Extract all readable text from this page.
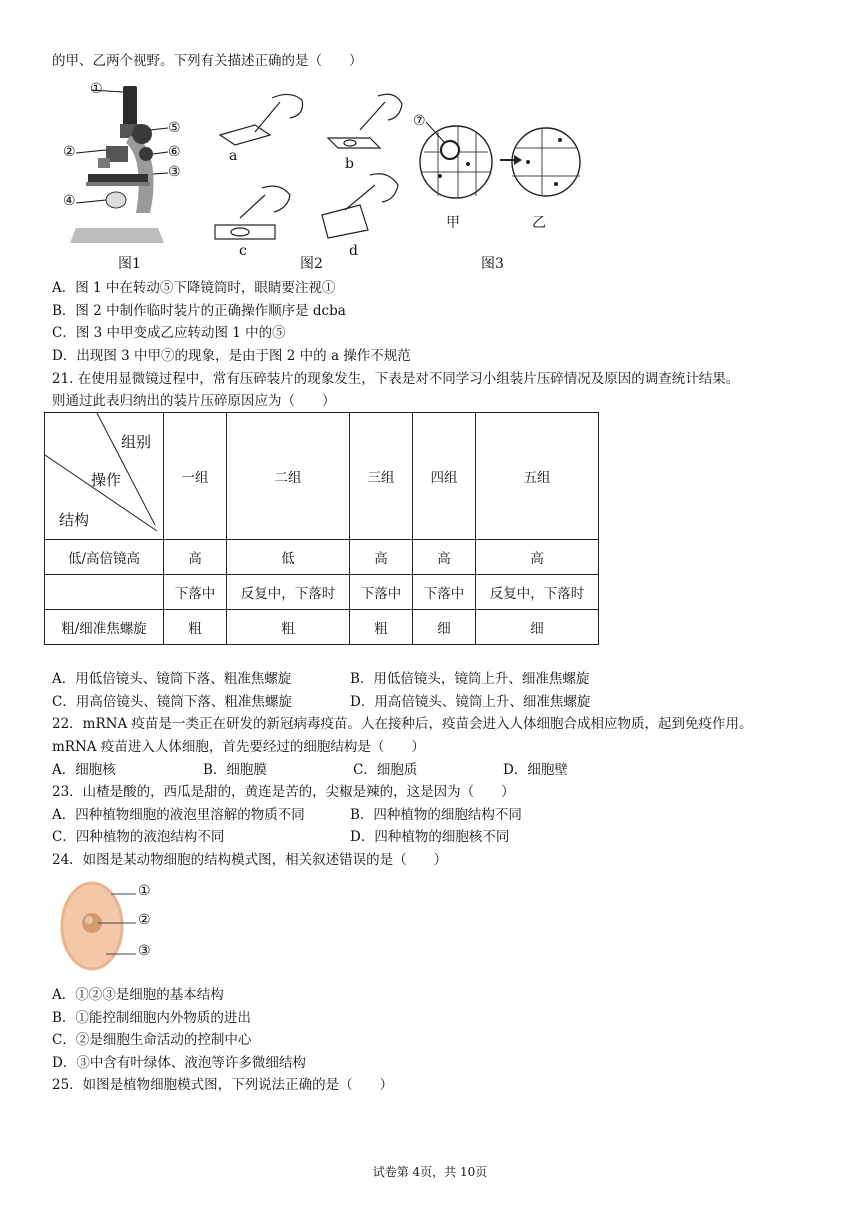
的甲、乙两个视野。下列有关描述正确的是（　　）
①
②
③
④
⑤
⑥
图1
a	b
c	d
图2
⑦
甲	乙
图3
A．图 1 中在转动⑤下降镜筒时，眼睛要注视①
B．图 2 中制作临时装片的正确操作顺序是 dcba
C．图 3 中甲变成乙应转动图 1 中的⑤
D．出现图 3 中甲⑦的现象，是由于图 2 中的 a 操作不规范
21. 在使用显微镜过程中，常有压碎装片的现象发生，下表是对不同学习小组装片压碎情况及原因的调查统计结果。
则通过此表归纳出的装片压碎原因应为（　　）
组别
操作
结构	一组	二组	三组	四组	五组
低/高倍镜高	高	低	高	高	高
	下落中	反复中，下落时	下落中	下落中	反复中，下落时
粗/细准焦螺旋	粗	粗	粗	细	细
A．用低倍镜头、镜筒下落、粗准焦螺旋	B．用低倍镜头，镜筒上升、细准焦螺旋
C．用高倍镜头、镜筒下落、粗准焦螺旋	D．用高倍镜头、镜筒上升、细准焦螺旋
22．mRNA 疫苗是一类正在研发的新冠病毒疫苗。人在接种后，疫苗会进入人体细胞合成相应物质，起到免疫作用。
mRNA 疫苗进入人体细胞，首先要经过的细胞结构是（　　）
A．细胞核	B．细胞膜	C．细胞质	D．细胞壁
23．山楂是酸的，西瓜是甜的，黄连是苦的，尖椒是辣的，这是因为（　　）
A．四种植物细胞的液泡里溶解的物质不同	B．四种植物的细胞结构不同
C．四种植物的液泡结构不同	D．四种植物的细胞核不同
24．如图是某动物细胞的结构模式图，相关叙述错误的是（　　）
①
②
③
A．①②③是细胞的基本结构
B．①能控制细胞内外物质的进出
C．②是细胞生命活动的控制中心
D．③中含有叶绿体、液泡等许多微细结构
25．如图是植物细胞模式图，下列说法正确的是（　　）
试卷第 4页，共 10页
